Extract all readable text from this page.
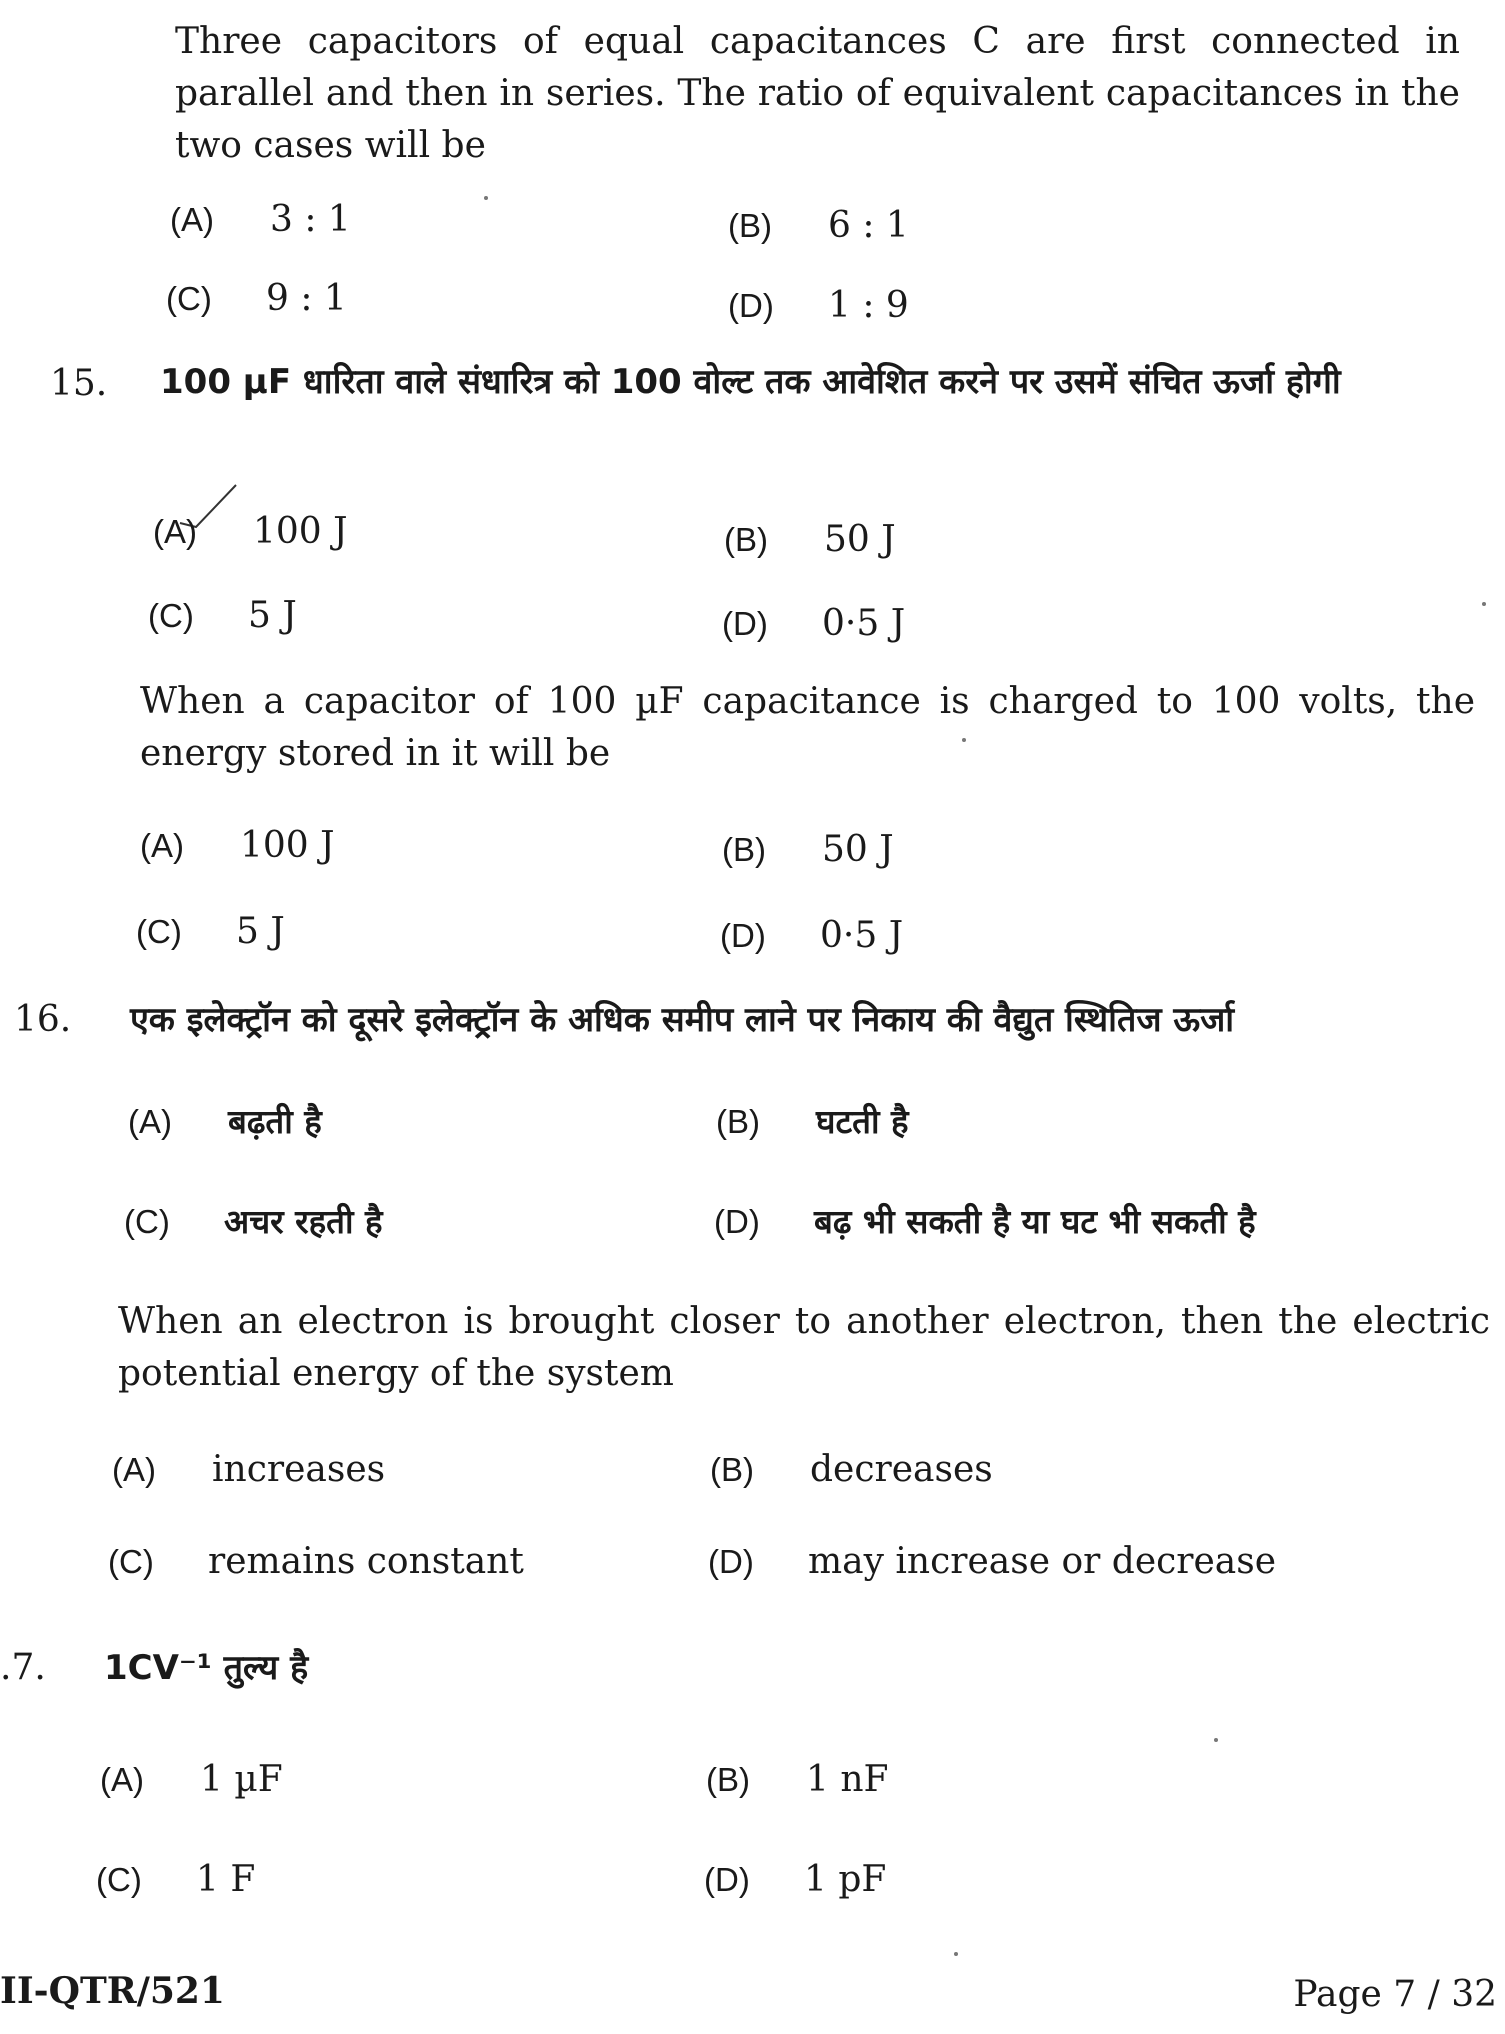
Three capacitors of equal capacitances C are first connected in parallel and then in series. The ratio of equivalent capacitances in the two cases will be
(A) 3 : 1	(B) 6 : 1
(C) 9 : 1	(D) 1 : 9
15. 100 µF धारिता वाले संधारित्र को 100 वोल्ट तक आवेशित करने पर उसमें संचित ऊर्जा होगी
(A) 100 J	(B) 50 J
(C) 5 J	(D) 0·5 J
When a capacitor of 100 µF capacitance is charged to 100 volts, the energy stored in it will be
(A) 100 J	(B) 50 J
(C) 5 J	(D) 0·5 J
16. एक इलेक्ट्रॉन को दूसरे इलेक्ट्रॉन के अधिक समीप लाने पर निकाय की वैद्युत स्थितिज ऊर्जा
(A) बढ़ती है	(B) घटती है
(C) अचर रहती है	(D) बढ़ भी सकती है या घट भी सकती है
When an electron is brought closer to another electron, then the electric potential energy of the system
(A) increases	(B) decreases
(C) remains constant	(D) may increase or decrease
.7. 1CV⁻¹ तुल्य है
(A) 1 µF	(B) 1 nF
(C) 1 F	(D) 1 pF
II-QTR/521	Page 7 / 32
